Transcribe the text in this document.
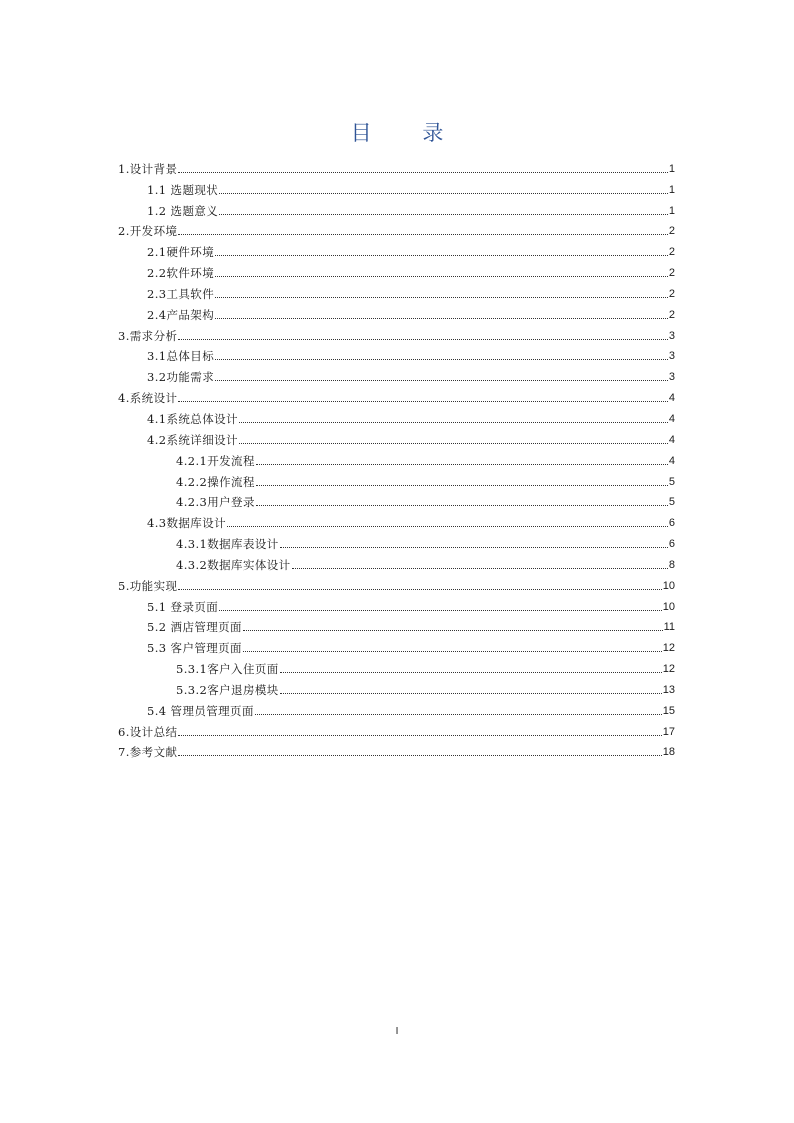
目 录
1.设计背景	1
1.1 选题现状	1
1.2 选题意义	1
2.开发环境	2
2.1硬件环境	2
2.2软件环境	2
2.3工具软件	2
2.4产品架构	2
3.需求分析	3
3.1总体目标	3
3.2功能需求	3
4.系统设计	4
4.1系统总体设计	4
4.2系统详细设计	4
4.2.1开发流程	4
4.2.2操作流程	5
4.2.3用户登录	5
4.3数据库设计	6
4.3.1数据库表设计	6
4.3.2数据库实体设计	8
5.功能实现	10
5.1 登录页面	10
5.2 酒店管理页面	11
5.3 客户管理页面	12
5.3.1客户入住页面	12
5.3.2客户退房模块	13
5.4 管理员管理页面	15
6.设计总结	17
7.参考文献	18
I
